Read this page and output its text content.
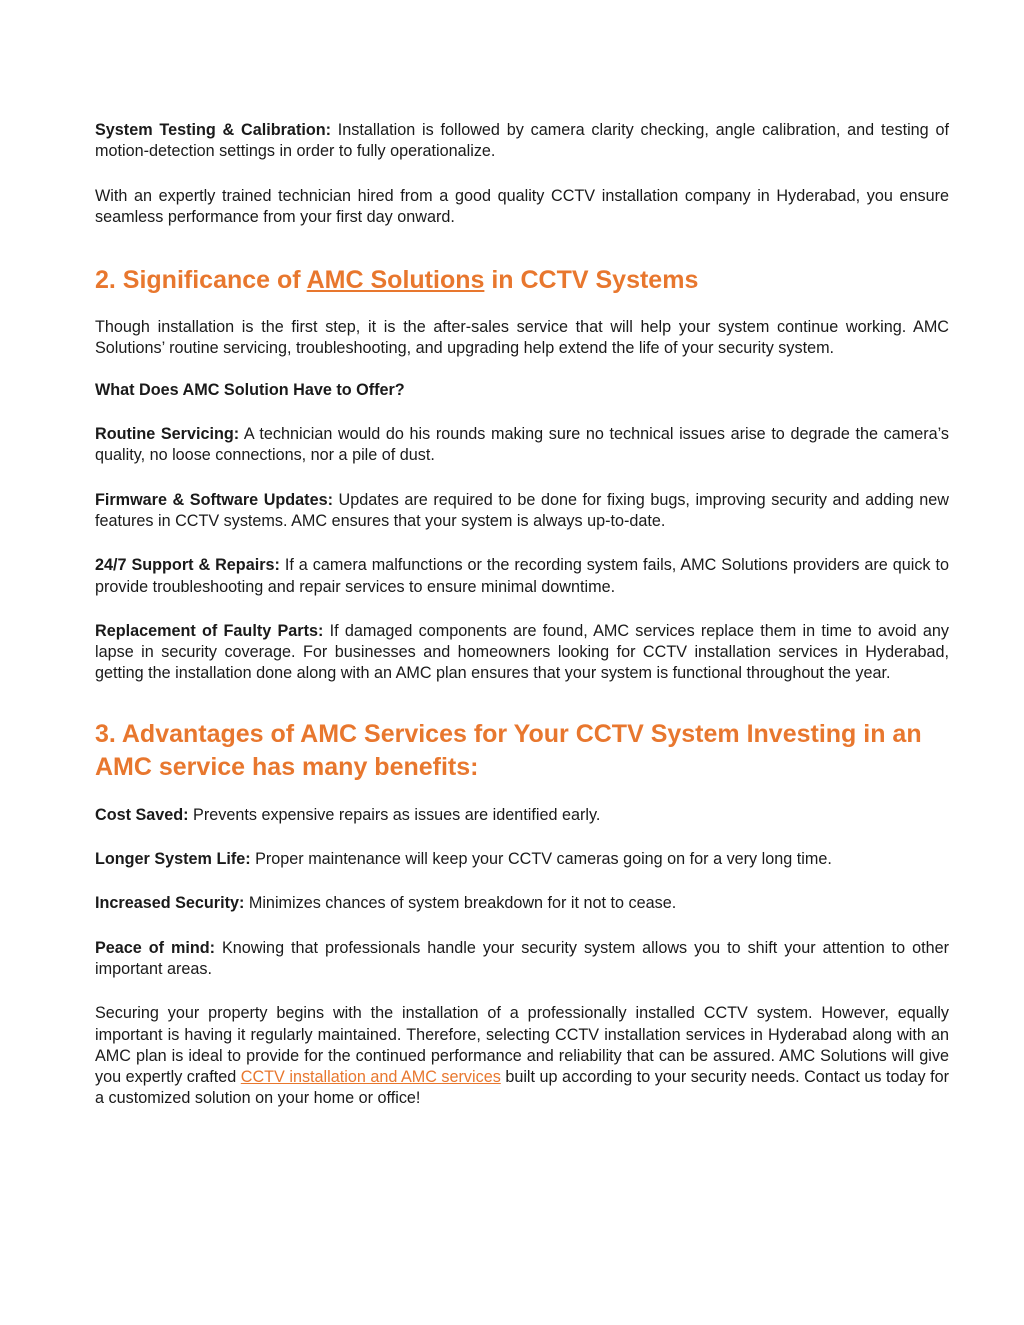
System Testing & Calibration: Installation is followed by camera clarity checking, angle calibration, and testing of motion-detection settings in order to fully operationalize.

With an expertly trained technician hired from a good quality CCTV installation company in Hyderabad, you ensure seamless performance from your first day onward.

2. Significance of AMC Solutions in CCTV Systems

Though installation is the first step, it is the after-sales service that will help your system continue working. AMC Solutions’ routine servicing, troubleshooting, and upgrading help extend the life of your security system.

What Does AMC Solution Have to Offer?

Routine Servicing: A technician would do his rounds making sure no technical issues arise to degrade the camera’s quality, no loose connections, nor a pile of dust.

Firmware & Software Updates: Updates are required to be done for fixing bugs, improving security and adding new features in CCTV systems. AMC ensures that your system is always up-to-date.

24/7 Support & Repairs: If a camera malfunctions or the recording system fails, AMC Solutions providers are quick to provide troubleshooting and repair services to ensure minimal downtime.

Replacement of Faulty Parts: If damaged components are found, AMC services replace them in time to avoid any lapse in security coverage. For businesses and homeowners looking for CCTV installation services in Hyderabad, getting the installation done along with an AMC plan ensures that your system is functional throughout the year.

3. Advantages of AMC Services for Your CCTV System Investing in an AMC service has many benefits:

Cost Saved: Prevents expensive repairs as issues are identified early.

Longer System Life: Proper maintenance will keep your CCTV cameras going on for a very long time.

Increased Security: Minimizes chances of system breakdown for it not to cease.

Peace of mind: Knowing that professionals handle your security system allows you to shift your attention to other important areas.

Securing your property begins with the installation of a professionally installed CCTV system. However, equally important is having it regularly maintained. Therefore, selecting CCTV installation services in Hyderabad along with an AMC plan is ideal to provide for the continued performance and reliability that can be assured. AMC Solutions will give you expertly crafted CCTV installation and AMC services built up according to your security needs. Contact us today for a customized solution on your home or office!
